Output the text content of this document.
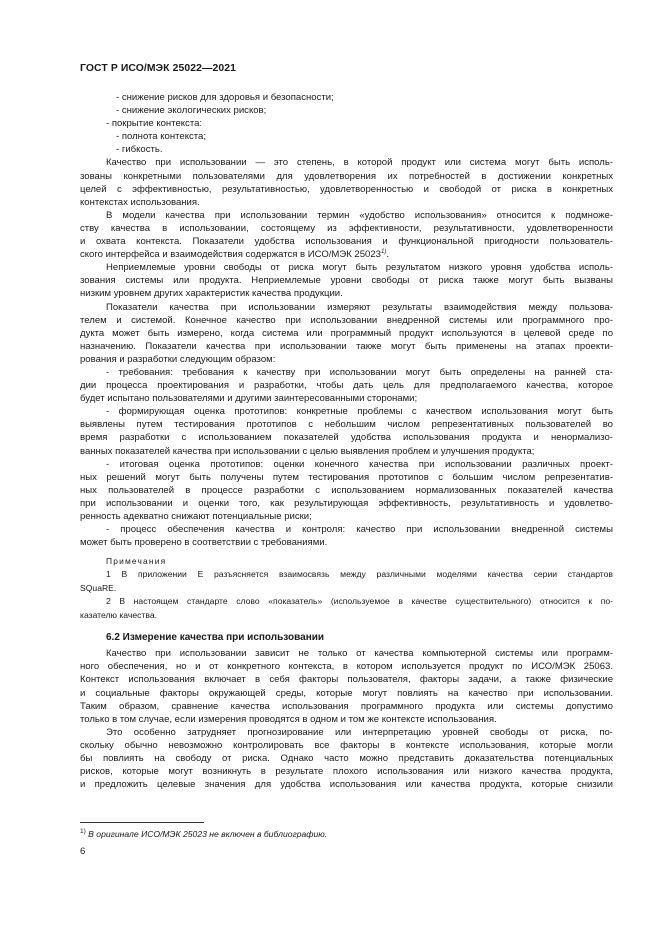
ГОСТ Р ИСО/МЭК 25022—2021
- снижение рисков для здоровья и безопасности;
- снижение экологических рисков;
- покрытие контекста:
- полнота контекста;
- гибкость.
Качество при использовании — это степень, в которой продукт или система могут быть исполь-
зованы конкретными пользователями для удовлетворения их потребностей в достижении конкретных
целей с эффективностью, результативностью, удовлетворенностью и свободой от риска в конкретных
контекстах использования.
В модели качества при использовании термин «удобство использования» относится к подмноже-
ству качества в использовании, состоящему из эффективности, результативности, удовлетворенности
и охвата контекста. Показатели удобства использования и функциональной пригодности пользователь-
ского интерфейса и взаимодействия содержатся в ИСО/МЭК 25023$^{1)}$.
Неприемлемые уровни свободы от риска могут быть результатом низкого уровня удобства исполь-
зования системы или продукта. Неприемлемые уровни свободы от риска также могут быть вызваны
низким уровнем других характеристик качества продукции.
Показатели качества при использовании измеряют результаты взаимодействия между пользова-
телем и системой. Конечное качество при использовании внедренной системы или программного про-
дукта может быть измерено, когда система или программный продукт используются в целевой среде по
назначению. Показатели качества при использовании также могут быть применены на этапах проекти-
рования и разработки следующим образом:
- требования: требования к качеству при использовании могут быть определены на ранней ста-
дии процесса проектирования и разработки, чтобы дать цель для предполагаемого качества, которое
будет испытано пользователями и другими заинтересованными сторонами;
- формирующая оценка прототипов: конкретные проблемы с качеством использования могут быть
выявлены путем тестирования прототипов с небольшим числом репрезентативных пользователей во
время разработки с использованием показателей удобства использования продукта и ненормализо-
ванных показателей качества при использовании с целью выявления проблем и улучшения продукта;
- итоговая оценка прототипов: оценки конечного качества при использовании различных проект-
ных решений могут быть получены путем тестирования прототипов с большим числом репрезентатив-
ных пользователей в процессе разработки с использованием нормализованных показателей качества
при использовании и оценки того, как результирующая эффективность, результативность и удовлетво-
ренность адекватно снижают потенциальные риски;
- процесс обеспечения качества и контроля: качество при использовании внедренной системы
может быть проверено в соответствии с требованиями.
Примечания
1 В приложении Е разъясняется взаимосвязь между различными моделями качества серии стандартов
SQuaRE.
2 В настоящем стандарте слово «показатель» (используемое в качестве существительного) относится к по-
казателю качества.
6.2 Измерение качества при использовании
Качество при использовании зависит не только от качества компьютерной системы или программ-
ного обеспечения, но и от конкретного контекста, в котором используется продукт по ИСО/МЭК 25063.
Контекст использования включает в себя факторы пользователя, факторы задачи, а также физические
и социальные факторы окружающей среды, которые могут повлиять на качество при использовании.
Таким образом, сравнение качества использования программного продукта или системы допустимо
только в том случае, если измерения проводятся в одном и том же контексте использования.
Это особенно затрудняет прогнозирование или интерпретацию уровней свободы от риска, по-
скольку обычно невозможно контролировать все факторы в контексте использования, которые могли
бы повлиять на свободу от риска. Однако часто можно представить доказательства потенциальных
рисков, которые могут возникнуть в результате плохого использования или низкого качества продукта,
и предложить целевые значения для удобства использования или качества продукта, которые снизили
$^{1)}$ В оригинале ИСО/МЭК 25023 не включен в библиографию.
6
